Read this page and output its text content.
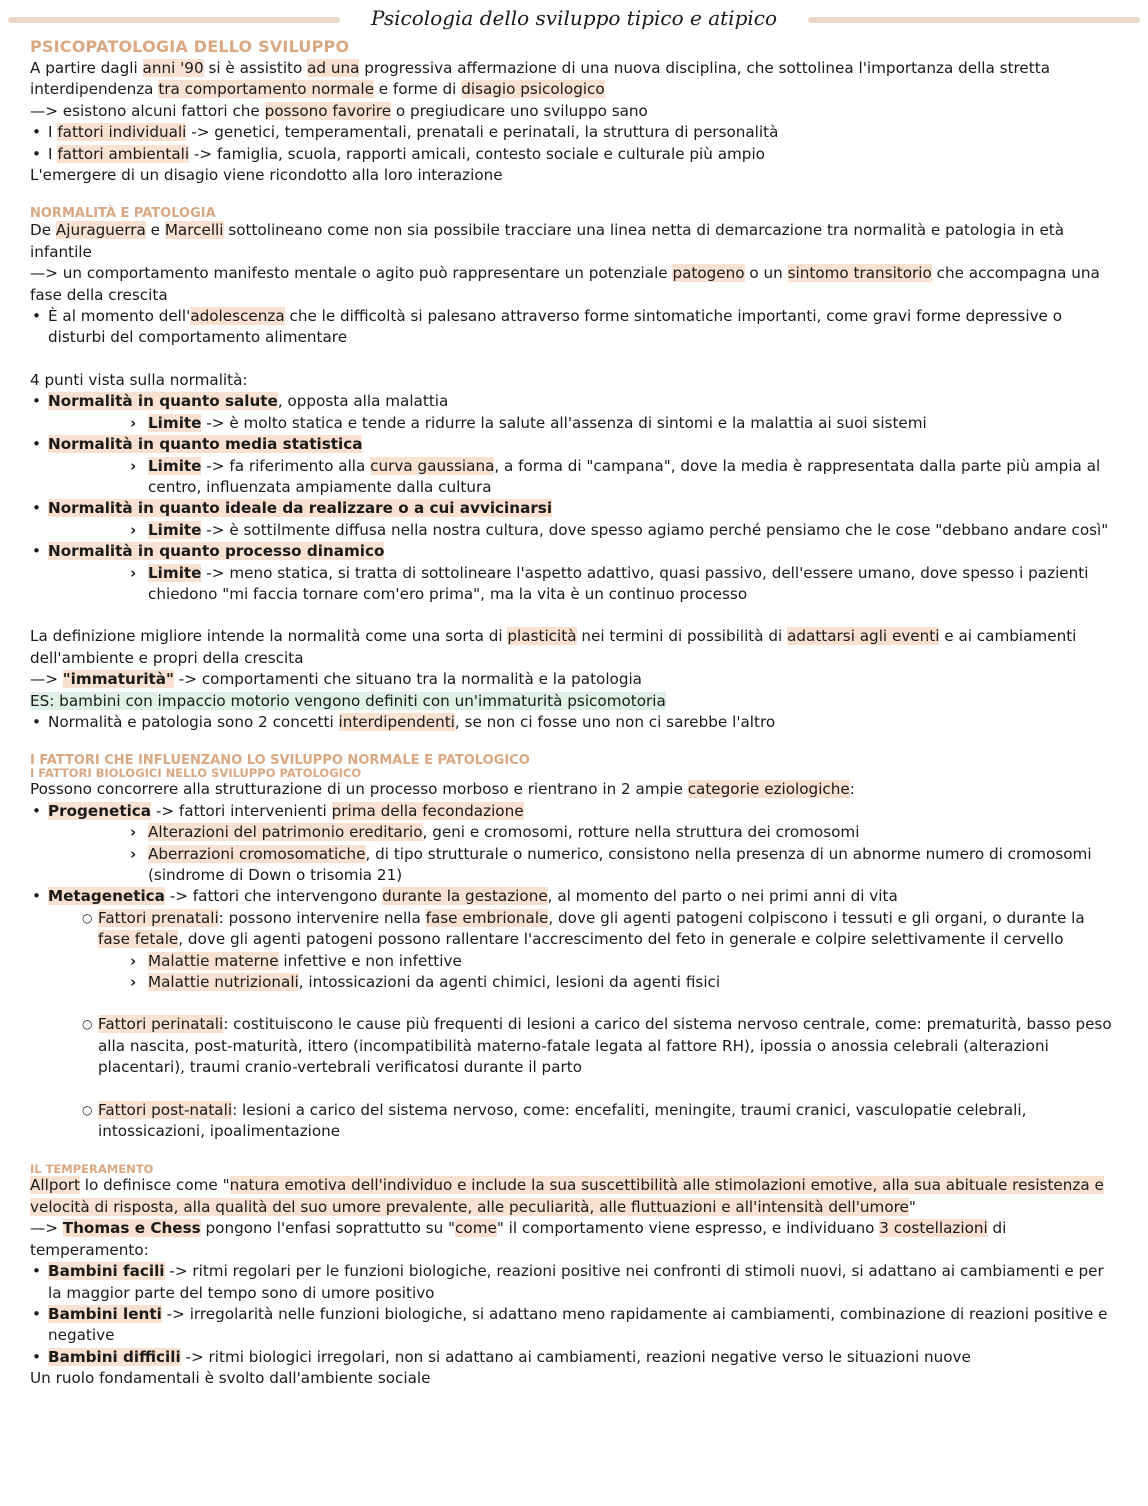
Psicologia dello sviluppo tipico e atipico
PSICOPATOLOGIA DELLO SVILUPPO

A partire dagli anni '90 si è assistito ad una progressiva affermazione di una nuova disciplina, che sottolinea l'importanza della stretta interdipendenza tra comportamento normale e forme di disagio psicologico

—> esistono alcuni fattori che possono favorire o pregiudicare uno sviluppo sano

• I fattori individuali -> genetici, temperamentali, prenatali e perinatali, la struttura di personalità

• I fattori ambientali -> famiglia, scuola, rapporti amicali, contesto sociale e culturale più ampio

L'emergere di un disagio viene ricondotto alla loro interazione

NORMALITÀ E PATOLOGIA

De Ajuraguerra e Marcelli sottolineano come non sia possibile tracciare una linea netta di demarcazione tra normalità e patologia in età infantile

—> un comportamento manifesto mentale o agito può rappresentare un potenziale patogeno o un sintomo transitorio che accompagna una fase della crescita

• È al momento dell'adolescenza che le difficoltà si palesano attraverso forme sintomatiche importanti, come gravi forme depressive o disturbi del comportamento alimentare

4 punti vista sulla normalità:

• Normalità in quanto salute, opposta alla malattia

› Limite -> è molto statica e tende a ridurre la salute all'assenza di sintomi e la malattia ai suoi sistemi

• Normalità in quanto media statistica

› Limite -> fa riferimento alla curva gaussiana, a forma di "campana", dove la media è rappresentata dalla parte più ampia al centro, influenzata ampiamente dalla cultura

• Normalità in quanto ideale da realizzare o a cui avvicinarsi

› Limite -> è sottilmente diffusa nella nostra cultura, dove spesso agiamo perché pensiamo che le cose "debbano andare così"

• Normalità in quanto processo dinamico

› Limite -> meno statica, si tratta di sottolineare l'aspetto adattivo, quasi passivo, dell'essere umano, dove spesso i pazienti chiedono "mi faccia tornare com'ero prima", ma la vita è un continuo processo

La definizione migliore intende la normalità come una sorta di plasticità nei termini di possibilità di adattarsi agli eventi e ai cambiamenti dell'ambiente e propri della crescita

—> "immaturità" -> comportamenti che situano tra la normalità e la patologia

ES: bambini con impaccio motorio vengono definiti con un'immaturità psicomotoria

• Normalità e patologia sono 2 concetti interdipendenti, se non ci fosse uno non ci sarebbe l'altro

I FATTORI CHE INFLUENZANO LO SVILUPPO NORMALE E PATOLOGICO
I FATTORI BIOLOGICI NELLO SVILUPPO PATOLOGICO

Possono concorrere alla strutturazione di un processo morboso e rientrano in 2 ampie categorie eziologiche:

• Progenetica -> fattori intervenienti prima della fecondazione

› Alterazioni del patrimonio ereditario, geni e cromosomi, rotture nella struttura dei cromosomi

› Aberrazioni cromosomatiche, di tipo strutturale o numerico, consistono nella presenza di un abnorme numero di cromosomi (sindrome di Down o trisomia 21)

• Metagenetica -> fattori che intervengono durante la gestazione, al momento del parto o nei primi anni di vita

○ Fattori prenatali: possono intervenire nella fase embrionale, dove gli agenti patogeni colpiscono i tessuti e gli organi, o durante la fase fetale, dove gli agenti patogeni possono rallentare l'accrescimento del feto in generale e colpire selettivamente il cervello

› Malattie materne infettive e non infettive

› Malattie nutrizionali, intossicazioni da agenti chimici, lesioni da agenti fisici

○ Fattori perinatali: costituiscono le cause più frequenti di lesioni a carico del sistema nervoso centrale, come: prematurità, basso peso alla nascita, post-maturità, ittero (incompatibilità materno-fatale legata al fattore RH), ipossia o anossia celebrali (alterazioni placentari), traumi cranio-vertebrali verificatosi durante il parto

○ Fattori post-natali: lesioni a carico del sistema nervoso, come: encefaliti, meningite, traumi cranici, vasculopatie celebrali, intossicazioni, ipoalimentazione

IL TEMPERAMENTO

Allport lo definisce come "natura emotiva dell'individuo e include la sua suscettibilità alle stimolazioni emotive, alla sua abituale resistenza e velocità di risposta, alla qualità del suo umore prevalente, alle peculiarità, alle fluttuazioni e all'intensità dell'umore"

—> Thomas e Chess pongono l'enfasi soprattutto su "come" il comportamento viene espresso, e individuano 3 costellazioni di temperamento:

• Bambini facili -> ritmi regolari per le funzioni biologiche, reazioni positive nei confronti di stimoli nuovi, si adattano ai cambiamenti e per la maggior parte del tempo sono di umore positivo

• Bambini lenti -> irregolarità nelle funzioni biologiche, si adattano meno rapidamente ai cambiamenti, combinazione di reazioni positive e negative

• Bambini difficili -> ritmi biologici irregolari, non si adattano ai cambiamenti, reazioni negative verso le situazioni nuove

Un ruolo fondamentali è svolto dall'ambiente sociale
